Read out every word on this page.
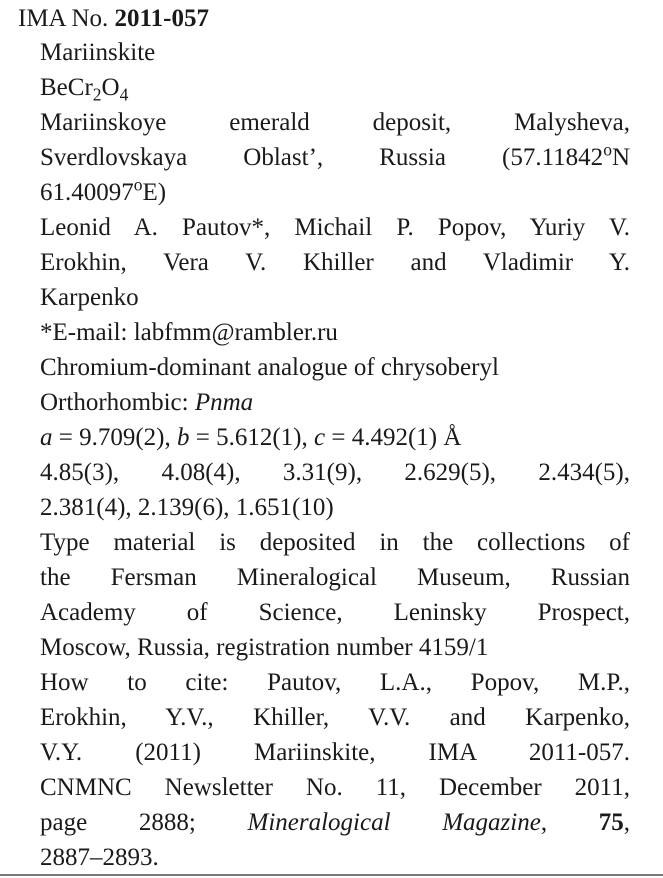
IMA No. 2011-057
Mariinskite
$BeCr_2O_4$
Mariinskoye emerald deposit, Malysheva,
Sverdlovskaya Oblast’, Russia (57.11842$^o$N
61.40097$^o$E)
Leonid A. Pautov*, Michail P. Popov, Yuriy V.
Erokhin, Vera V. Khiller and Vladimir Y.
Karpenko
*E-mail: labfmm@rambler.ru
Chromium-dominant analogue of chrysoberyl
Orthorhombic: Pnma
a = 9.709(2), b = 5.612(1), c = 4.492(1) Å
4.85(3), 4.08(4), 3.31(9), 2.629(5), 2.434(5),
2.381(4), 2.139(6), 1.651(10)
Type material is deposited in the collections of
the Fersman Mineralogical Museum, Russian
Academy of Science, Leninsky Prospect,
Moscow, Russia, registration number 4159/1
How to cite: Pautov, L.A., Popov, M.P.,
Erokhin, Y.V., Khiller, V.V. and Karpenko,
V.Y. (2011) Mariinskite, IMA 2011-057.
CNMNC Newsletter No. 11, December 2011,
page 2888; Mineralogical Magazine, 75,
2887–2893.
